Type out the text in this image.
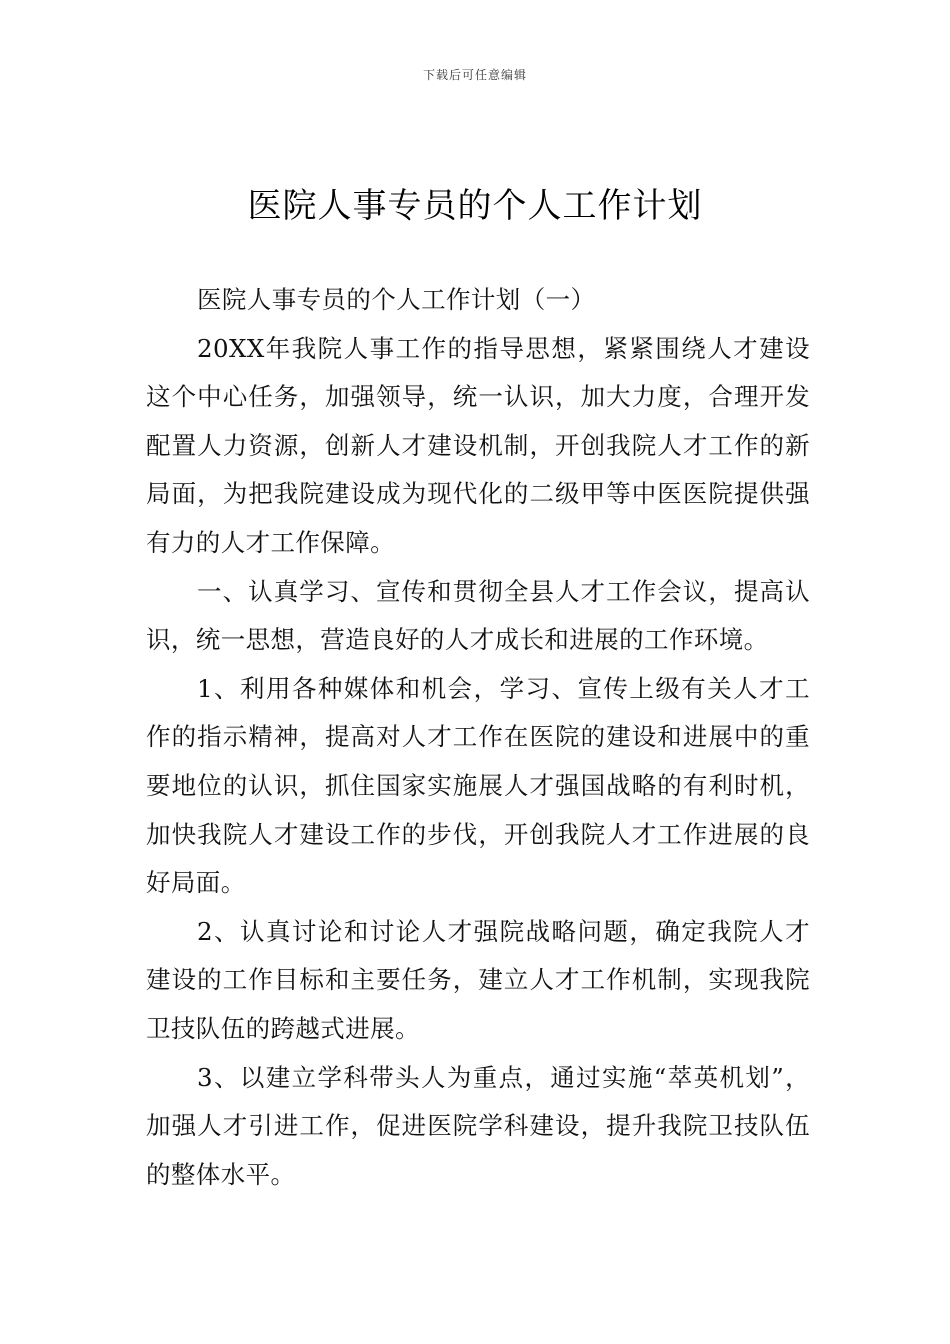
下载后可任意编辑
医院人事专员的个人工作计划

医院人事专员的个人工作计划（一）

20XX年我院人事工作的指导思想，紧紧围绕人才建设这个中心任务，加强领导，统一认识，加大力度，合理开发配置人力资源，创新人才建设机制，开创我院人才工作的新局面，为把我院建设成为现代化的二级甲等中医医院提供强有力的人才工作保障。

一、认真学习、宣传和贯彻全县人才工作会议，提高认识，统一思想，营造良好的人才成长和进展的工作环境。

1、利用各种媒体和机会，学习、宣传上级有关人才工作的指示精神，提高对人才工作在医院的建设和进展中的重要地位的认识，抓住国家实施展人才强国战略的有利时机，加快我院人才建设工作的步伐，开创我院人才工作进展的良好局面。

2、认真讨论和讨论人才强院战略问题，确定我院人才建设的工作目标和主要任务，建立人才工作机制，实现我院卫技队伍的跨越式进展。

3、以建立学科带头人为重点，通过实施“萃英机划”，加强人才引进工作，促进医院学科建设，提升我院卫技队伍的整体水平。
